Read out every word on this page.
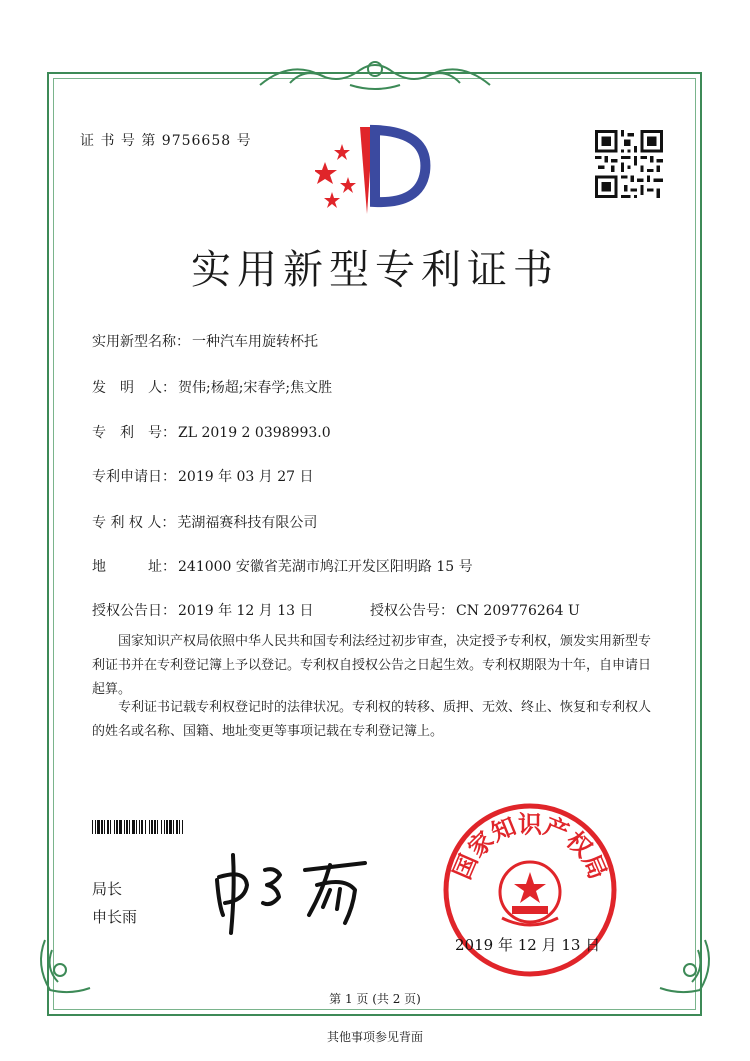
证 书 号 第 9756658 号
实用新型专利证书
实用新型名称： 一种汽车用旋转杯托
发　明　人： 贺伟;杨超;宋春学;焦文胜
专　利　号： ZL 2019 2 0398993.0
专利申请日： 2019 年 03 月 27 日
专 利 权 人： 芜湖福赛科技有限公司
地　　　址： 241000 安徽省芜湖市鸠江开发区阳明路 15 号
授权公告日： 2019 年 12 月 13 日	授权公告号： CN 209776264 U
国家知识产权局依照中华人民共和国专利法经过初步审查，决定授予专利权，颁发实用新型专利证书并在专利登记簿上予以登记。专利权自授权公告之日起生效。专利权期限为十年，自申请日起算。
专利证书记载专利权登记时的法律状况。专利权的转移、质押、无效、终止、恢复和专利权人的姓名或名称、国籍、地址变更等事项记载在专利登记簿上。
局长
申长雨
国家知识产权局
2019 年 12 月 13 日
第 1 页 (共 2 页)
其他事项参见背面
